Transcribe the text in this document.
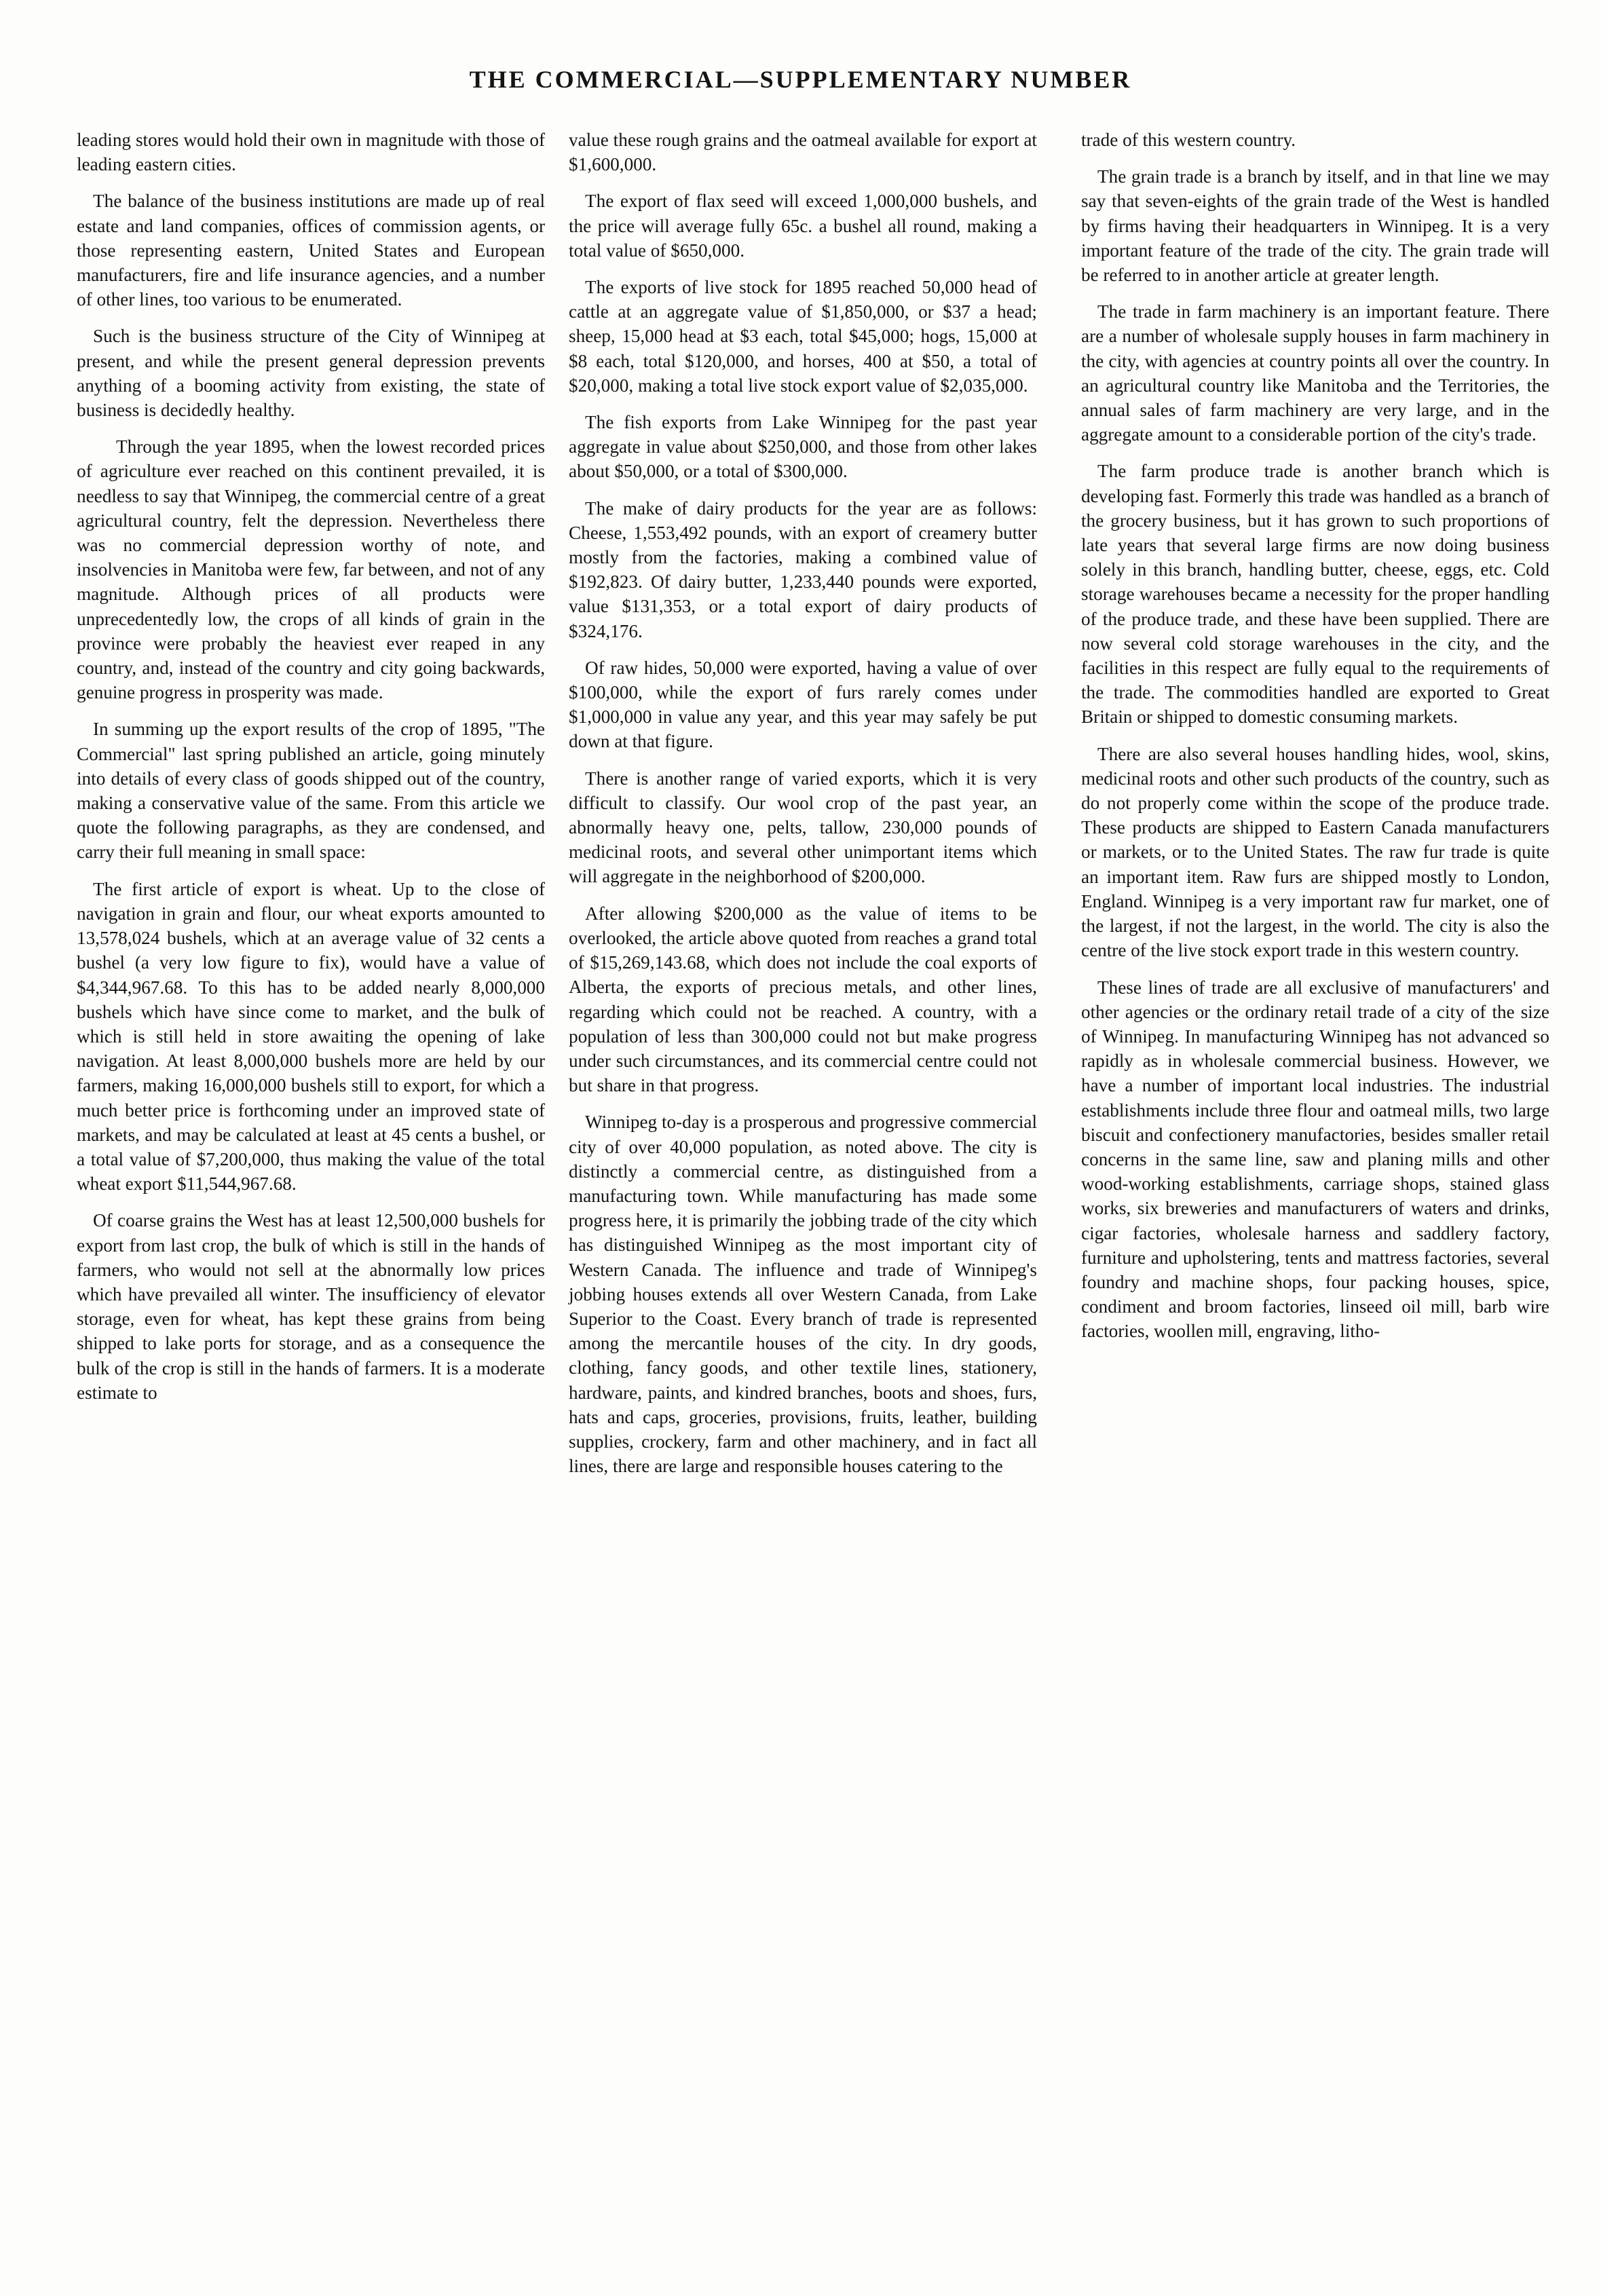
THE COMMERCIAL—SUPPLEMENTARY NUMBER

leading stores would hold their own in magnitude with those of leading eastern cities.

The balance of the business institutions are made up of real estate and land companies, offices of commission agents, or those representing eastern, United States and European manufacturers, fire and life insurance agencies, and a number of other lines, too various to be enumerated.

Such is the business structure of the City of Winnipeg at present, and while the present general depression prevents anything of a booming activity from existing, the state of business is decidedly healthy.

Through the year 1895, when the lowest recorded prices of agriculture ever reached on this continent prevailed, it is needless to say that Winnipeg, the commercial centre of a great agricultural country, felt the depression. Nevertheless there was no commercial depression worthy of note, and insolvencies in Manitoba were few, far between, and not of any magnitude. Although prices of all products were unprecedentedly low, the crops of all kinds of grain in the province were probably the heaviest ever reaped in any country, and, instead of the country and city going backwards, genuine progress in prosperity was made.

In summing up the export results of the crop of 1895, "The Commercial" last spring published an article, going minutely into details of every class of goods shipped out of the country, making a conservative value of the same. From this article we quote the following paragraphs, as they are condensed, and carry their full meaning in small space:

The first article of export is wheat. Up to the close of navigation in grain and flour, our wheat exports amounted to 13,578,024 bushels, which at an average value of 32 cents a bushel (a very low figure to fix), would have a value of $4,344,967.68. To this has to be added nearly 8,000,000 bushels which have since come to market, and the bulk of which is still held in store awaiting the opening of lake navigation. At least 8,000,000 bushels more are held by our farmers, making 16,000,000 bushels still to export, for which a much better price is forthcoming under an improved state of markets, and may be calculated at least at 45 cents a bushel, or a total value of $7,200,000, thus making the value of the total wheat export $11,544,967.68.

Of coarse grains the West has at least 12,500,000 bushels for export from last crop, the bulk of which is still in the hands of farmers, who would not sell at the abnormally low prices which have prevailed all winter. The insufficiency of elevator storage, even for wheat, has kept these grains from being shipped to lake ports for storage, and as a consequence the bulk of the crop is still in the hands of farmers. It is a moderate estimate to

value these rough grains and the oatmeal available for export at $1,600,000.

The export of flax seed will exceed 1,000,000 bushels, and the price will average fully 65c. a bushel all round, making a total value of $650,000.

The exports of live stock for 1895 reached 50,000 head of cattle at an aggregate value of $1,850,000, or $37 a head; sheep, 15,000 head at $3 each, total $45,000; hogs, 15,000 at $8 each, total $120,000, and horses, 400 at $50, a total of $20,000, making a total live stock export value of $2,035,000.

The fish exports from Lake Winnipeg for the past year aggregate in value about $250,000, and those from other lakes about $50,000, or a total of $300,000.

The make of dairy products for the year are as follows: Cheese, 1,553,492 pounds, with an export of creamery butter mostly from the factories, making a combined value of $192,823. Of dairy butter, 1,233,440 pounds were exported, value $131,353, or a total export of dairy products of $324,176.

Of raw hides, 50,000 were exported, having a value of over $100,000, while the export of furs rarely comes under $1,000,000 in value any year, and this year may safely be put down at that figure.

There is another range of varied exports, which it is very difficult to classify. Our wool crop of the past year, an abnormally heavy one, pelts, tallow, 230,000 pounds of medicinal roots, and several other unimportant items which will aggregate in the neighborhood of $200,000.

After allowing $200,000 as the value of items to be overlooked, the article above quoted from reaches a grand total of $15,269,143.68, which does not include the coal exports of Alberta, the exports of precious metals, and other lines, regarding which could not be reached. A country, with a population of less than 300,000 could not but make progress under such circumstances, and its commercial centre could not but share in that progress.

Winnipeg to-day is a prosperous and progressive commercial city of over 40,000 population, as noted above. The city is distinctly a commercial centre, as distinguished from a manufacturing town. While manufacturing has made some progress here, it is primarily the jobbing trade of the city which has distinguished Winnipeg as the most important city of Western Canada. The influence and trade of Winnipeg's jobbing houses extends all over Western Canada, from Lake Superior to the Coast. Every branch of trade is represented among the mercantile houses of the city. In dry goods, clothing, fancy goods, and other textile lines, stationery, hardware, paints, and kindred branches, boots and shoes, furs, hats and caps, groceries, provisions, fruits, leather, building supplies, crockery, farm and other machinery, and in fact all lines, there are large and responsible houses catering to the

trade of this western country.

The grain trade is a branch by itself, and in that line we may say that seven-eights of the grain trade of the West is handled by firms having their headquarters in Winnipeg. It is a very important feature of the trade of the city. The grain trade will be referred to in another article at greater length.

The trade in farm machinery is an important feature. There are a number of wholesale supply houses in farm machinery in the city, with agencies at country points all over the country. In an agricultural country like Manitoba and the Territories, the annual sales of farm machinery are very large, and in the aggregate amount to a considerable portion of the city's trade.

The farm produce trade is another branch which is developing fast. Formerly this trade was handled as a branch of the grocery business, but it has grown to such proportions of late years that several large firms are now doing business solely in this branch, handling butter, cheese, eggs, etc. Cold storage warehouses became a necessity for the proper handling of the produce trade, and these have been supplied. There are now several cold storage warehouses in the city, and the facilities in this respect are fully equal to the requirements of the trade. The commodities handled are exported to Great Britain or shipped to domestic consuming markets.

There are also several houses handling hides, wool, skins, medicinal roots and other such products of the country, such as do not properly come within the scope of the produce trade. These products are shipped to Eastern Canada manufacturers or markets, or to the United States. The raw fur trade is quite an important item. Raw furs are shipped mostly to London, England. Winnipeg is a very important raw fur market, one of the largest, if not the largest, in the world. The city is also the centre of the live stock export trade in this western country.

These lines of trade are all exclusive of manufacturers' and other agencies or the ordinary retail trade of a city of the size of Winnipeg. In manufacturing Winnipeg has not advanced so rapidly as in wholesale commercial business. However, we have a number of important local industries. The industrial establishments include three flour and oatmeal mills, two large biscuit and confectionery manufactories, besides smaller retail concerns in the same line, saw and planing mills and other wood-working establishments, carriage shops, stained glass works, six breweries and manufacturers of waters and drinks, cigar factories, wholesale harness and saddlery factory, furniture and upholstering, tents and mattress factories, several foundry and machine shops, four packing houses, spice, condiment and broom factories, linseed oil mill, barb wire factories, woollen mill, engraving, litho-
